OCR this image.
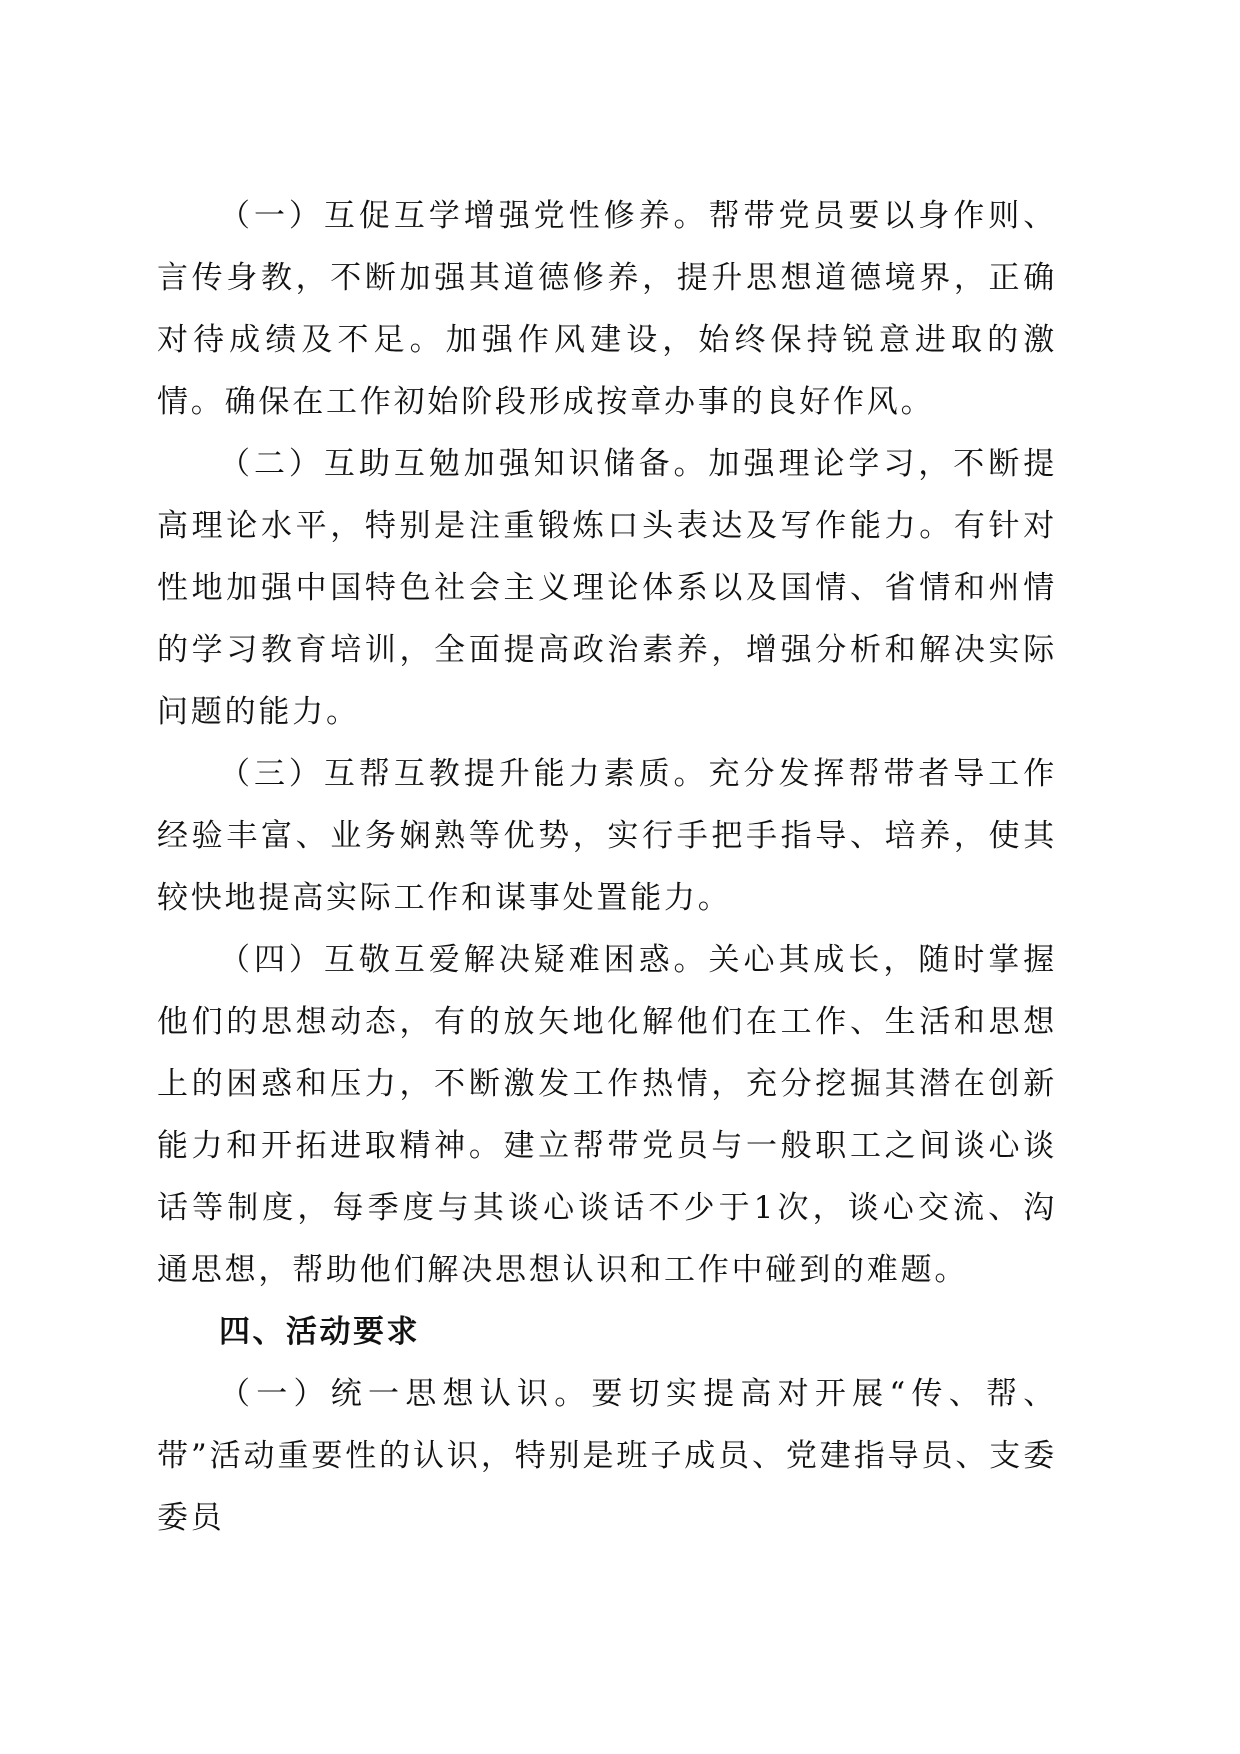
（一）互促互学增强党性修养。帮带党员要以身作则、言传身教，不断加强其道德修养，提升思想道德境界，正确对待成绩及不足。加强作风建设，始终保持锐意进取的激情。确保在工作初始阶段形成按章办事的良好作风。

（二）互助互勉加强知识储备。加强理论学习，不断提高理论水平，特别是注重锻炼口头表达及写作能力。有针对性地加强中国特色社会主义理论体系以及国情、省情和州情的学习教育培训，全面提高政治素养，增强分析和解决实际问题的能力。

（三）互帮互教提升能力素质。充分发挥帮带者导工作经验丰富、业务娴熟等优势，实行手把手指导、培养，使其较快地提高实际工作和谋事处置能力。

（四）互敬互爱解决疑难困惑。关心其成长，随时掌握他们的思想动态，有的放矢地化解他们在工作、生活和思想上的困惑和压力，不断激发工作热情，充分挖掘其潜在创新能力和开拓进取精神。建立帮带党员与一般职工之间谈心谈话等制度，每季度与其谈心谈话不少于1次，谈心交流、沟通思想，帮助他们解决思想认识和工作中碰到的难题。

四、活动要求

（一）统一思想认识。要切实提高对开展“传、帮、带”活动重要性的认识，特别是班子成员、党建指导员、支委委员
